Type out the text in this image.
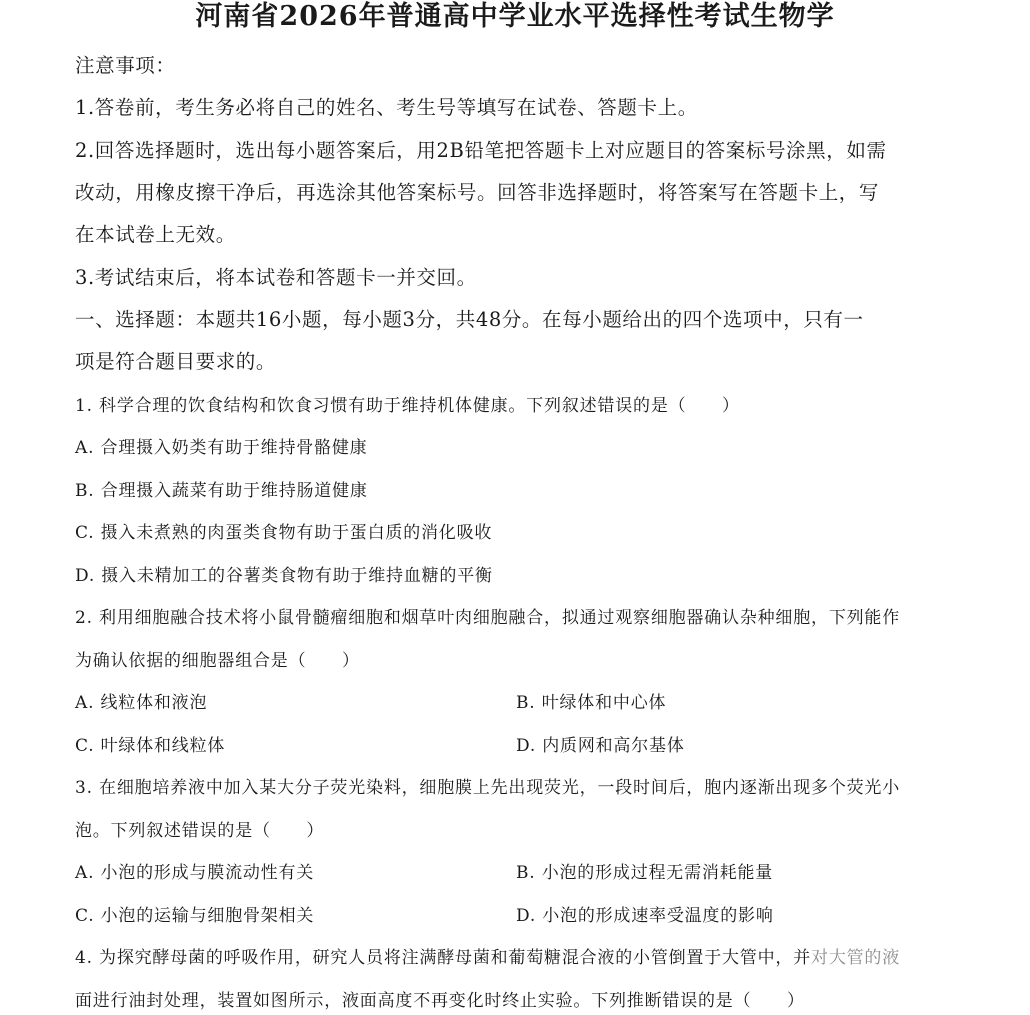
河南省2026年普通高中学业水平选择性考试生物学
注意事项：
1.答卷前，考生务必将自己的姓名、考生号等填写在试卷、答题卡上。
2.回答选择题时，选出每小题答案后，用2B铅笔把答题卡上对应题目的答案标号涂黑，如需
改动，用橡皮擦干净后，再选涂其他答案标号。回答非选择题时，将答案写在答题卡上，写
在本试卷上无效。
3.考试结束后，将本试卷和答题卡一并交回。
一、选择题：本题共16小题，每小题3分，共48分。在每小题给出的四个选项中，只有一
项是符合题目要求的。
1. 科学合理的饮食结构和饮食习惯有助于维持机体健康。下列叙述错误的是（　　）
A. 合理摄入奶类有助于维持骨骼健康
B. 合理摄入蔬菜有助于维持肠道健康
C. 摄入未煮熟的肉蛋类食物有助于蛋白质的消化吸收
D. 摄入未精加工的谷薯类食物有助于维持血糖的平衡
2. 利用细胞融合技术将小鼠骨髓瘤细胞和烟草叶肉细胞融合，拟通过观察细胞器确认杂种细胞，下列能作
为确认依据的细胞器组合是（　　）
A. 线粒体和液泡	B. 叶绿体和中心体
C. 叶绿体和线粒体	D. 内质网和高尔基体
3. 在细胞培养液中加入某大分子荧光染料，细胞膜上先出现荧光，一段时间后，胞内逐渐出现多个荧光小
泡。下列叙述错误的是（　　）
A. 小泡的形成与膜流动性有关	B. 小泡的形成过程无需消耗能量
C. 小泡的运输与细胞骨架相关	D. 小泡的形成速率受温度的影响
4. 为探究酵母菌的呼吸作用，研究人员将注满酵母菌和葡萄糖混合液的小管倒置于大管中，并对大管的液
面进行油封处理，装置如图所示，液面高度不再变化时终止实验。下列推断错误的是（　　）
